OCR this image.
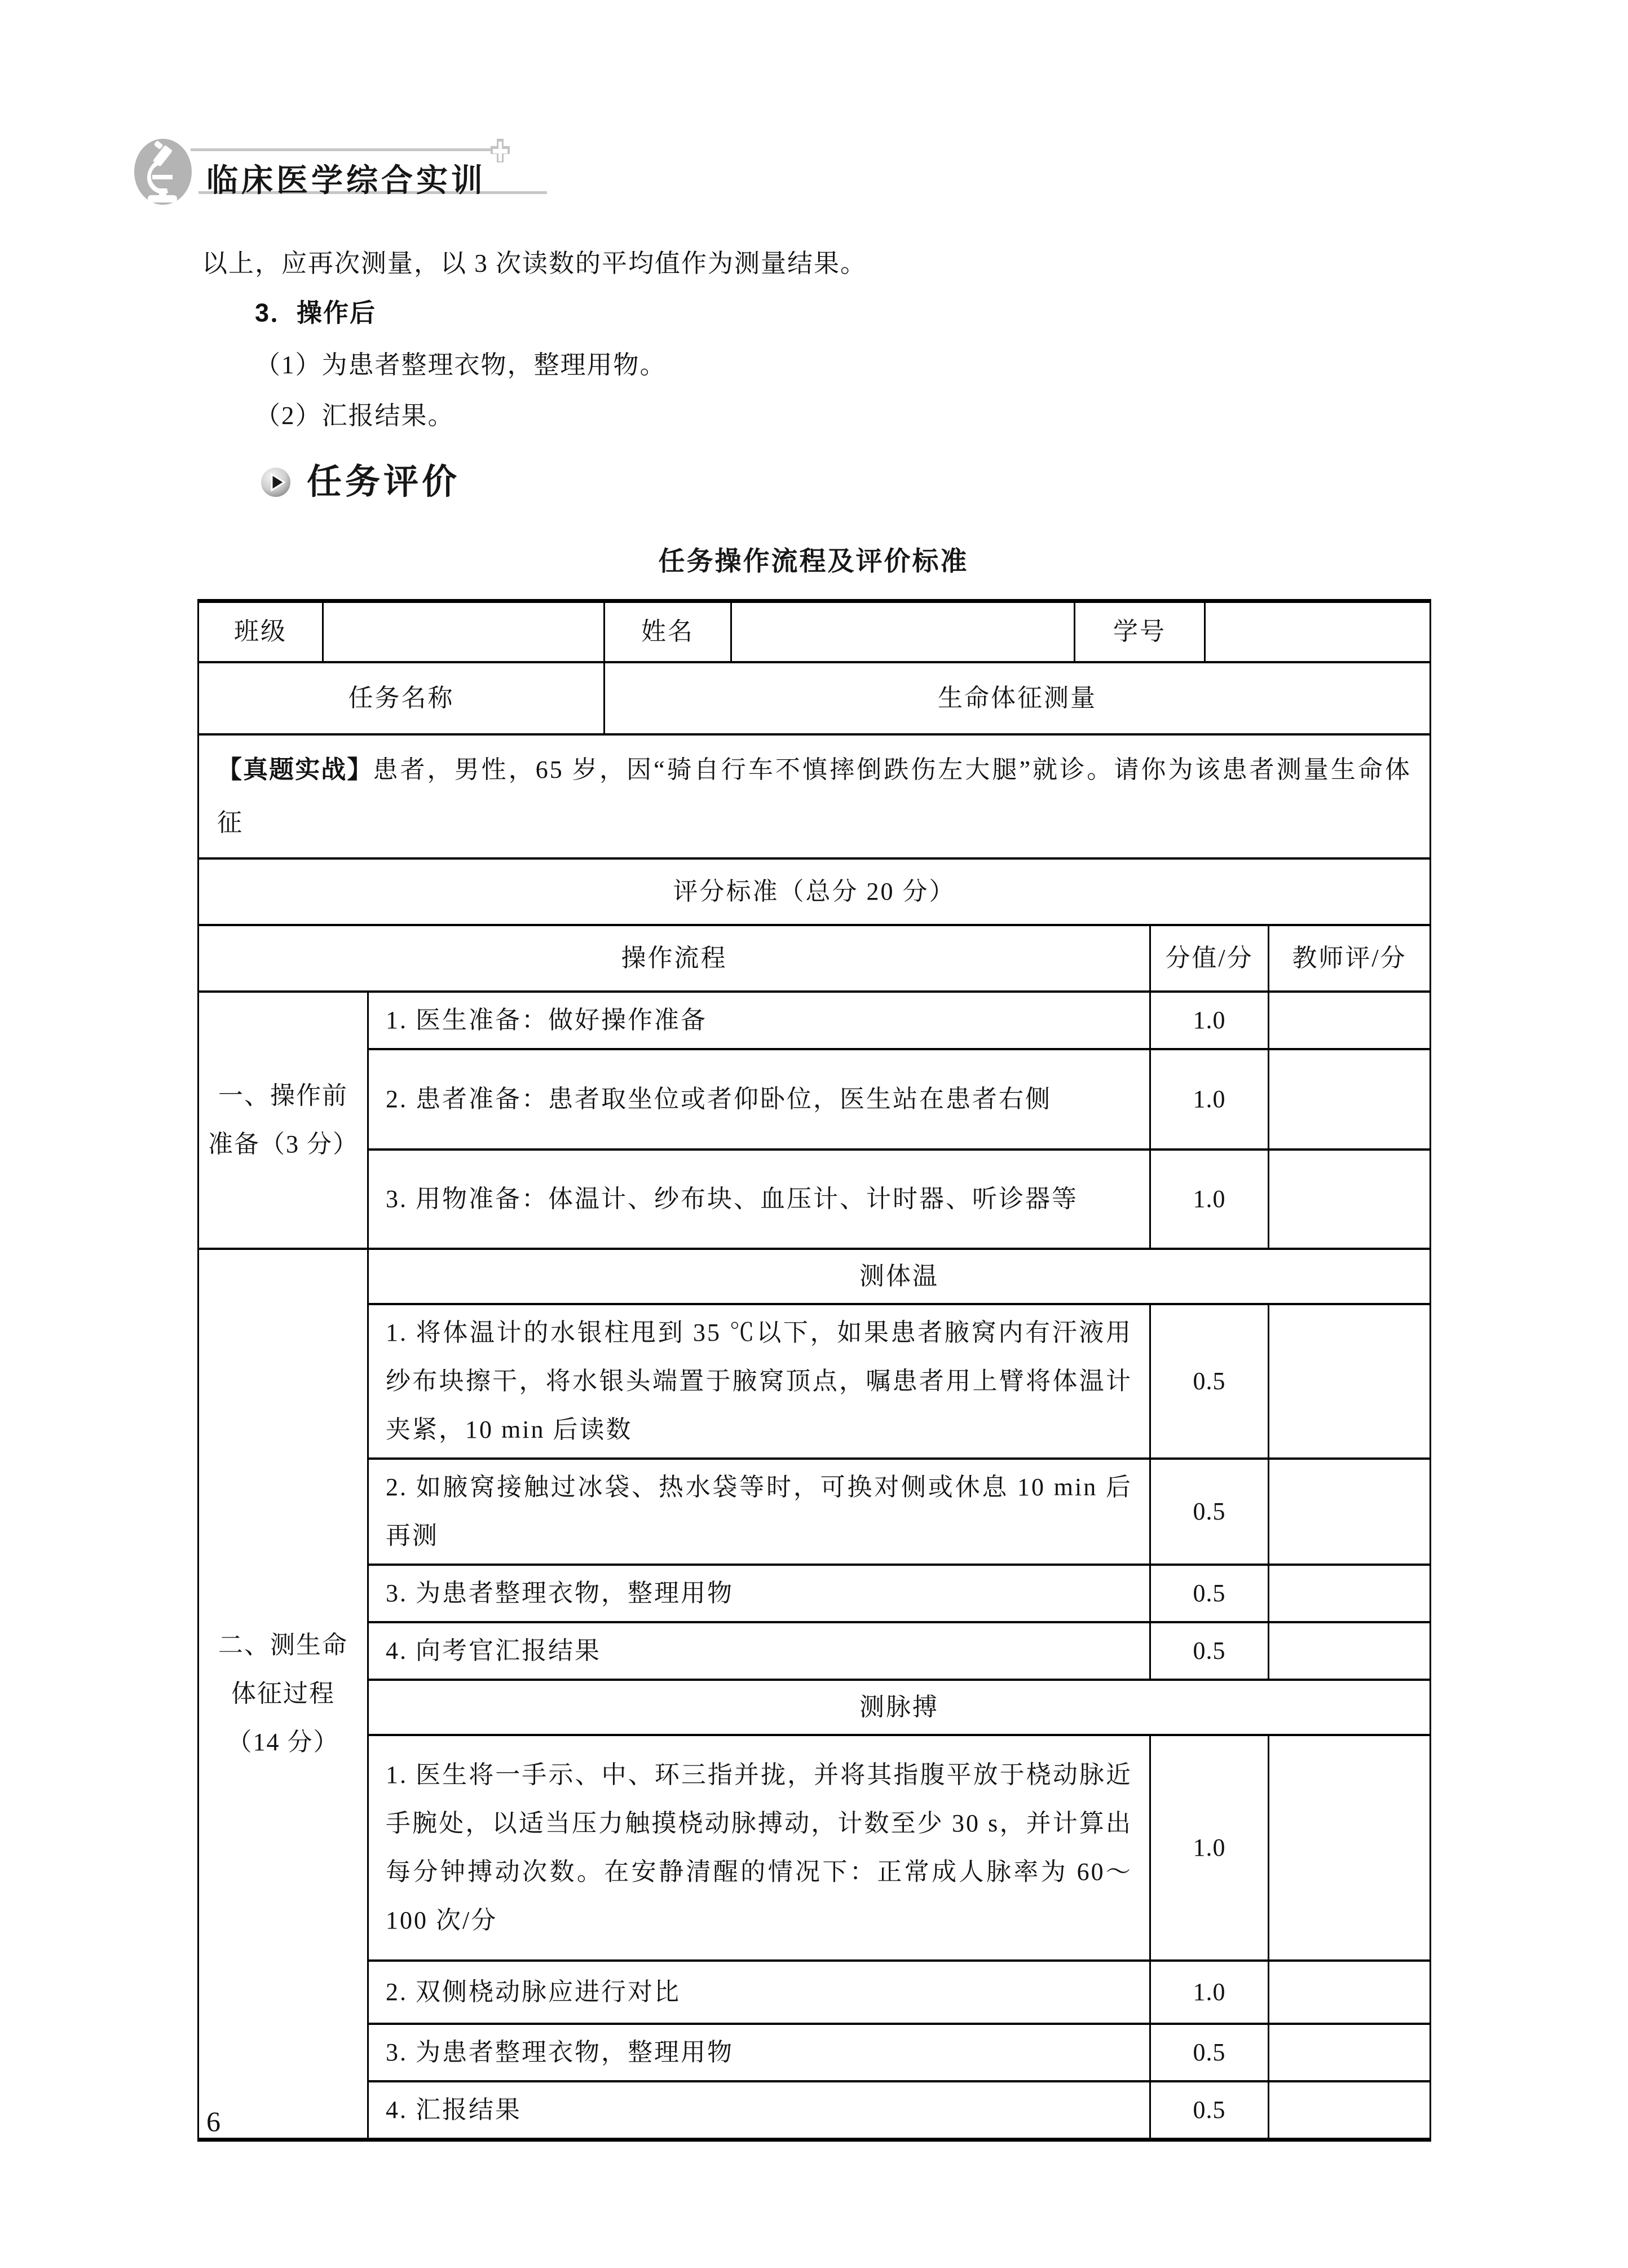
临床医学综合实训
以上，应再次测量，以 3 次读数的平均值作为测量结果。
3．操作后
（1）为患者整理衣物，整理用物。
（2）汇报结果。
任务评价
任务操作流程及评价标准
班级			姓名		学号			
任务名称			生命体征测量					
【真题实战】患者，男性，65 岁，因“骑自行车不慎摔倒跌伤左大腿”就诊。请你为该患者测量生命体征								
评分标准（总分 20 分）								
操作流程						分值/分		教师评/分
一、操作前准备（3 分）		1. 医生准备：做好操作准备				1.0		
		2. 患者准备：患者取坐位或者仰卧位，医生站在患者右侧				1.0		
		3. 用物准备：体温计、纱布块、血压计、计时器、听诊器等				1.0		
二、测生命体征过程（14 分）		测体温						
		1. 将体温计的水银柱甩到 35 ℃以下，如果患者腋窝内有汗液用纱布块擦干，将水银头端置于腋窝顶点，嘱患者用上臂将体温计夹紧，10 min 后读数				0.5		
		2. 如腋窝接触过冰袋、热水袋等时，可换对侧或休息 10 min 后再测				0.5		
		3. 为患者整理衣物，整理用物				0.5		
		4. 向考官汇报结果				0.5		
		测脉搏						
		1. 医生将一手示、中、环三指并拢，并将其指腹平放于桡动脉近手腕处，以适当压力触摸桡动脉搏动，计数至少 30 s，并计算出每分钟搏动次数。在安静清醒的情况下：正常成人脉率为 60～100 次/分				1.0		
		2. 双侧桡动脉应进行对比				1.0		
		3. 为患者整理衣物，整理用物				0.5		
		4. 汇报结果				0.5		
6
